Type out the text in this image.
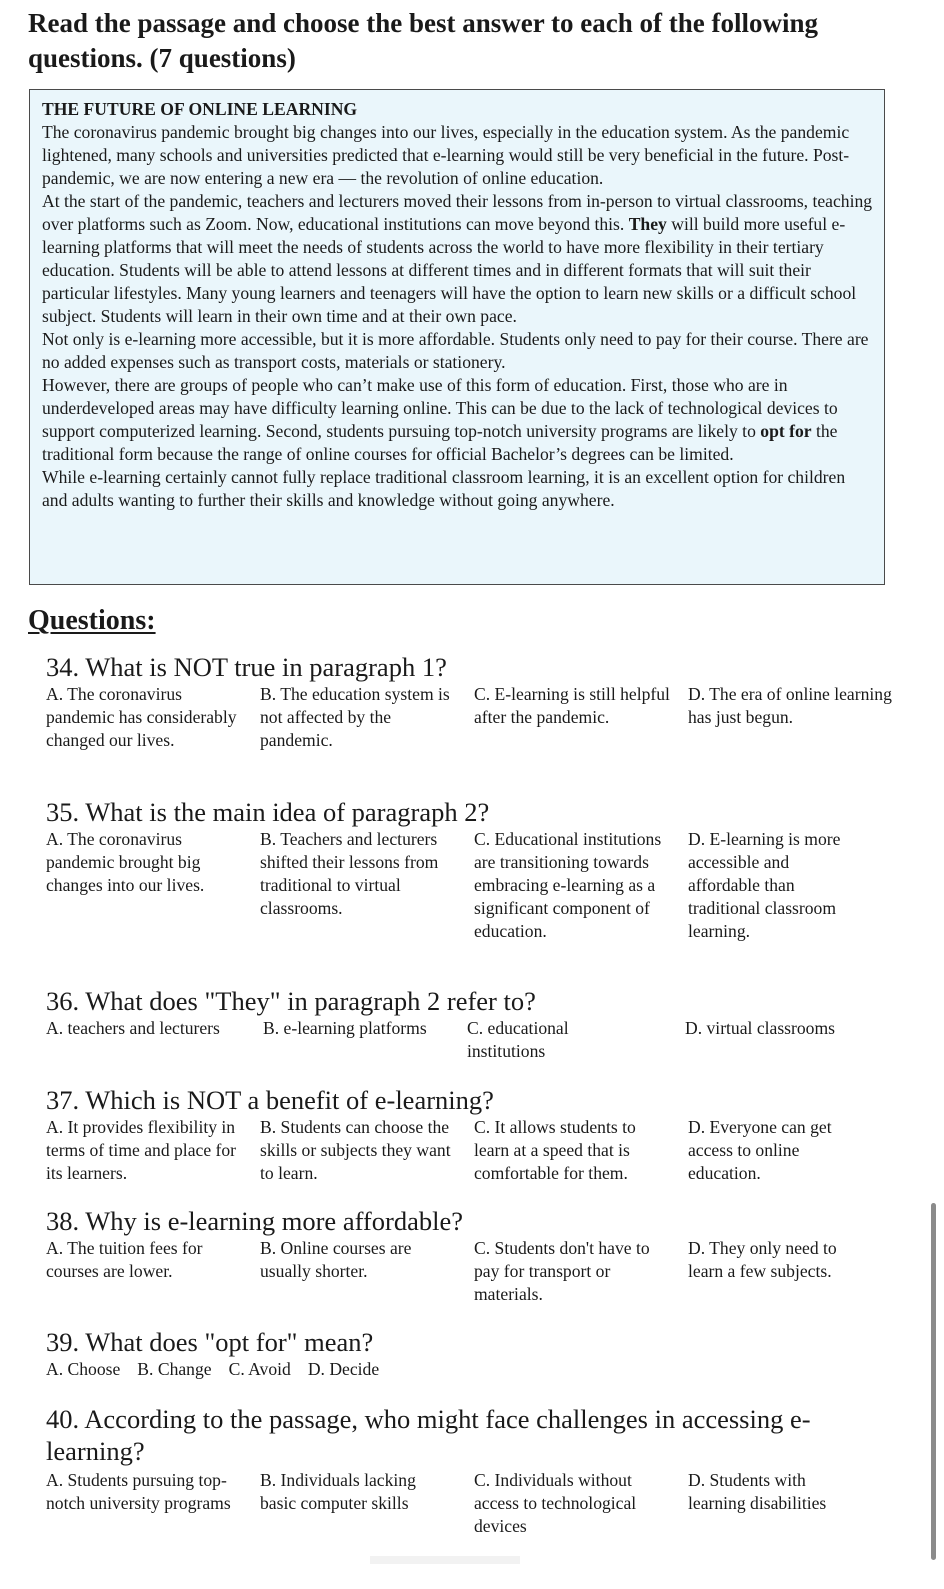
Read the passage and choose the best answer to each of the following questions. (7 questions)
THE FUTURE OF ONLINE LEARNING

The coronavirus pandemic brought big changes into our lives, especially in the education system. As the pandemic lightened, many schools and universities predicted that e-learning would still be very beneficial in the future. Post-pandemic, we are now entering a new era — the revolution of online education.

At the start of the pandemic, teachers and lecturers moved their lessons from in-person to virtual classrooms, teaching over platforms such as Zoom. Now, educational institutions can move beyond this. They will build more useful e-learning platforms that will meet the needs of students across the world to have more flexibility in their tertiary education. Students will be able to attend lessons at different times and in different formats that will suit their particular lifestyles. Many young learners and teenagers will have the option to learn new skills or a difficult school subject. Students will learn in their own time and at their own pace.

Not only is e-learning more accessible, but it is more affordable. Students only need to pay for their course. There are no added expenses such as transport costs, materials or stationery.

However, there are groups of people who can’t make use of this form of education. First, those who are in underdeveloped areas may have difficulty learning online. This can be due to the lack of technological devices to support computerized learning. Second, students pursuing top-notch university programs are likely to opt for the traditional form because the range of online courses for official Bachelor’s degrees can be limited.

While e-learning certainly cannot fully replace traditional classroom learning, it is an excellent option for children and adults wanting to further their skills and knowledge without going anywhere.

Questions:

34. What is NOT true in paragraph 1?

A. The coronavirus pandemic has considerably changed our lives.
B. The education system is not affected by the pandemic.
C. E-learning is still helpful after the pandemic.
D. The era of online learning has just begun.

35. What is the main idea of paragraph 2?

A. The coronavirus pandemic brought big changes into our lives.
B. Teachers and lecturers shifted their lessons from traditional to virtual classrooms.
C. Educational institutions are transitioning towards embracing e-learning as a significant component of education.
D. E-learning is more accessible and affordable than traditional classroom learning.

36. What does "They" in paragraph 2 refer to?

A. teachers and lecturers	B. e-learning platforms	C. educational institutions
D. virtual classrooms

37. Which is NOT a benefit of e-learning?

A. It provides flexibility in terms of time and place for its learners.
B. Students can choose the skills or subjects they want to learn.
C. It allows students to learn at a speed that is comfortable for them.
D. Everyone can get access to online education.

38. Why is e-learning more affordable?

A. The tuition fees for courses are lower.
B. Online courses are usually shorter.
C. Students don't have to pay for transport or materials.
D. They only need to learn a few subjects.

39. What does "opt for" mean?

A. Choose B. Change C. Avoid D. Decide

40. According to the passage, who might face challenges in accessing e-learning?

A. Students pursuing top-notch university programs
B. Individuals lacking basic computer skills
C. Individuals without access to technological devices
D. Students with learning disabilities
